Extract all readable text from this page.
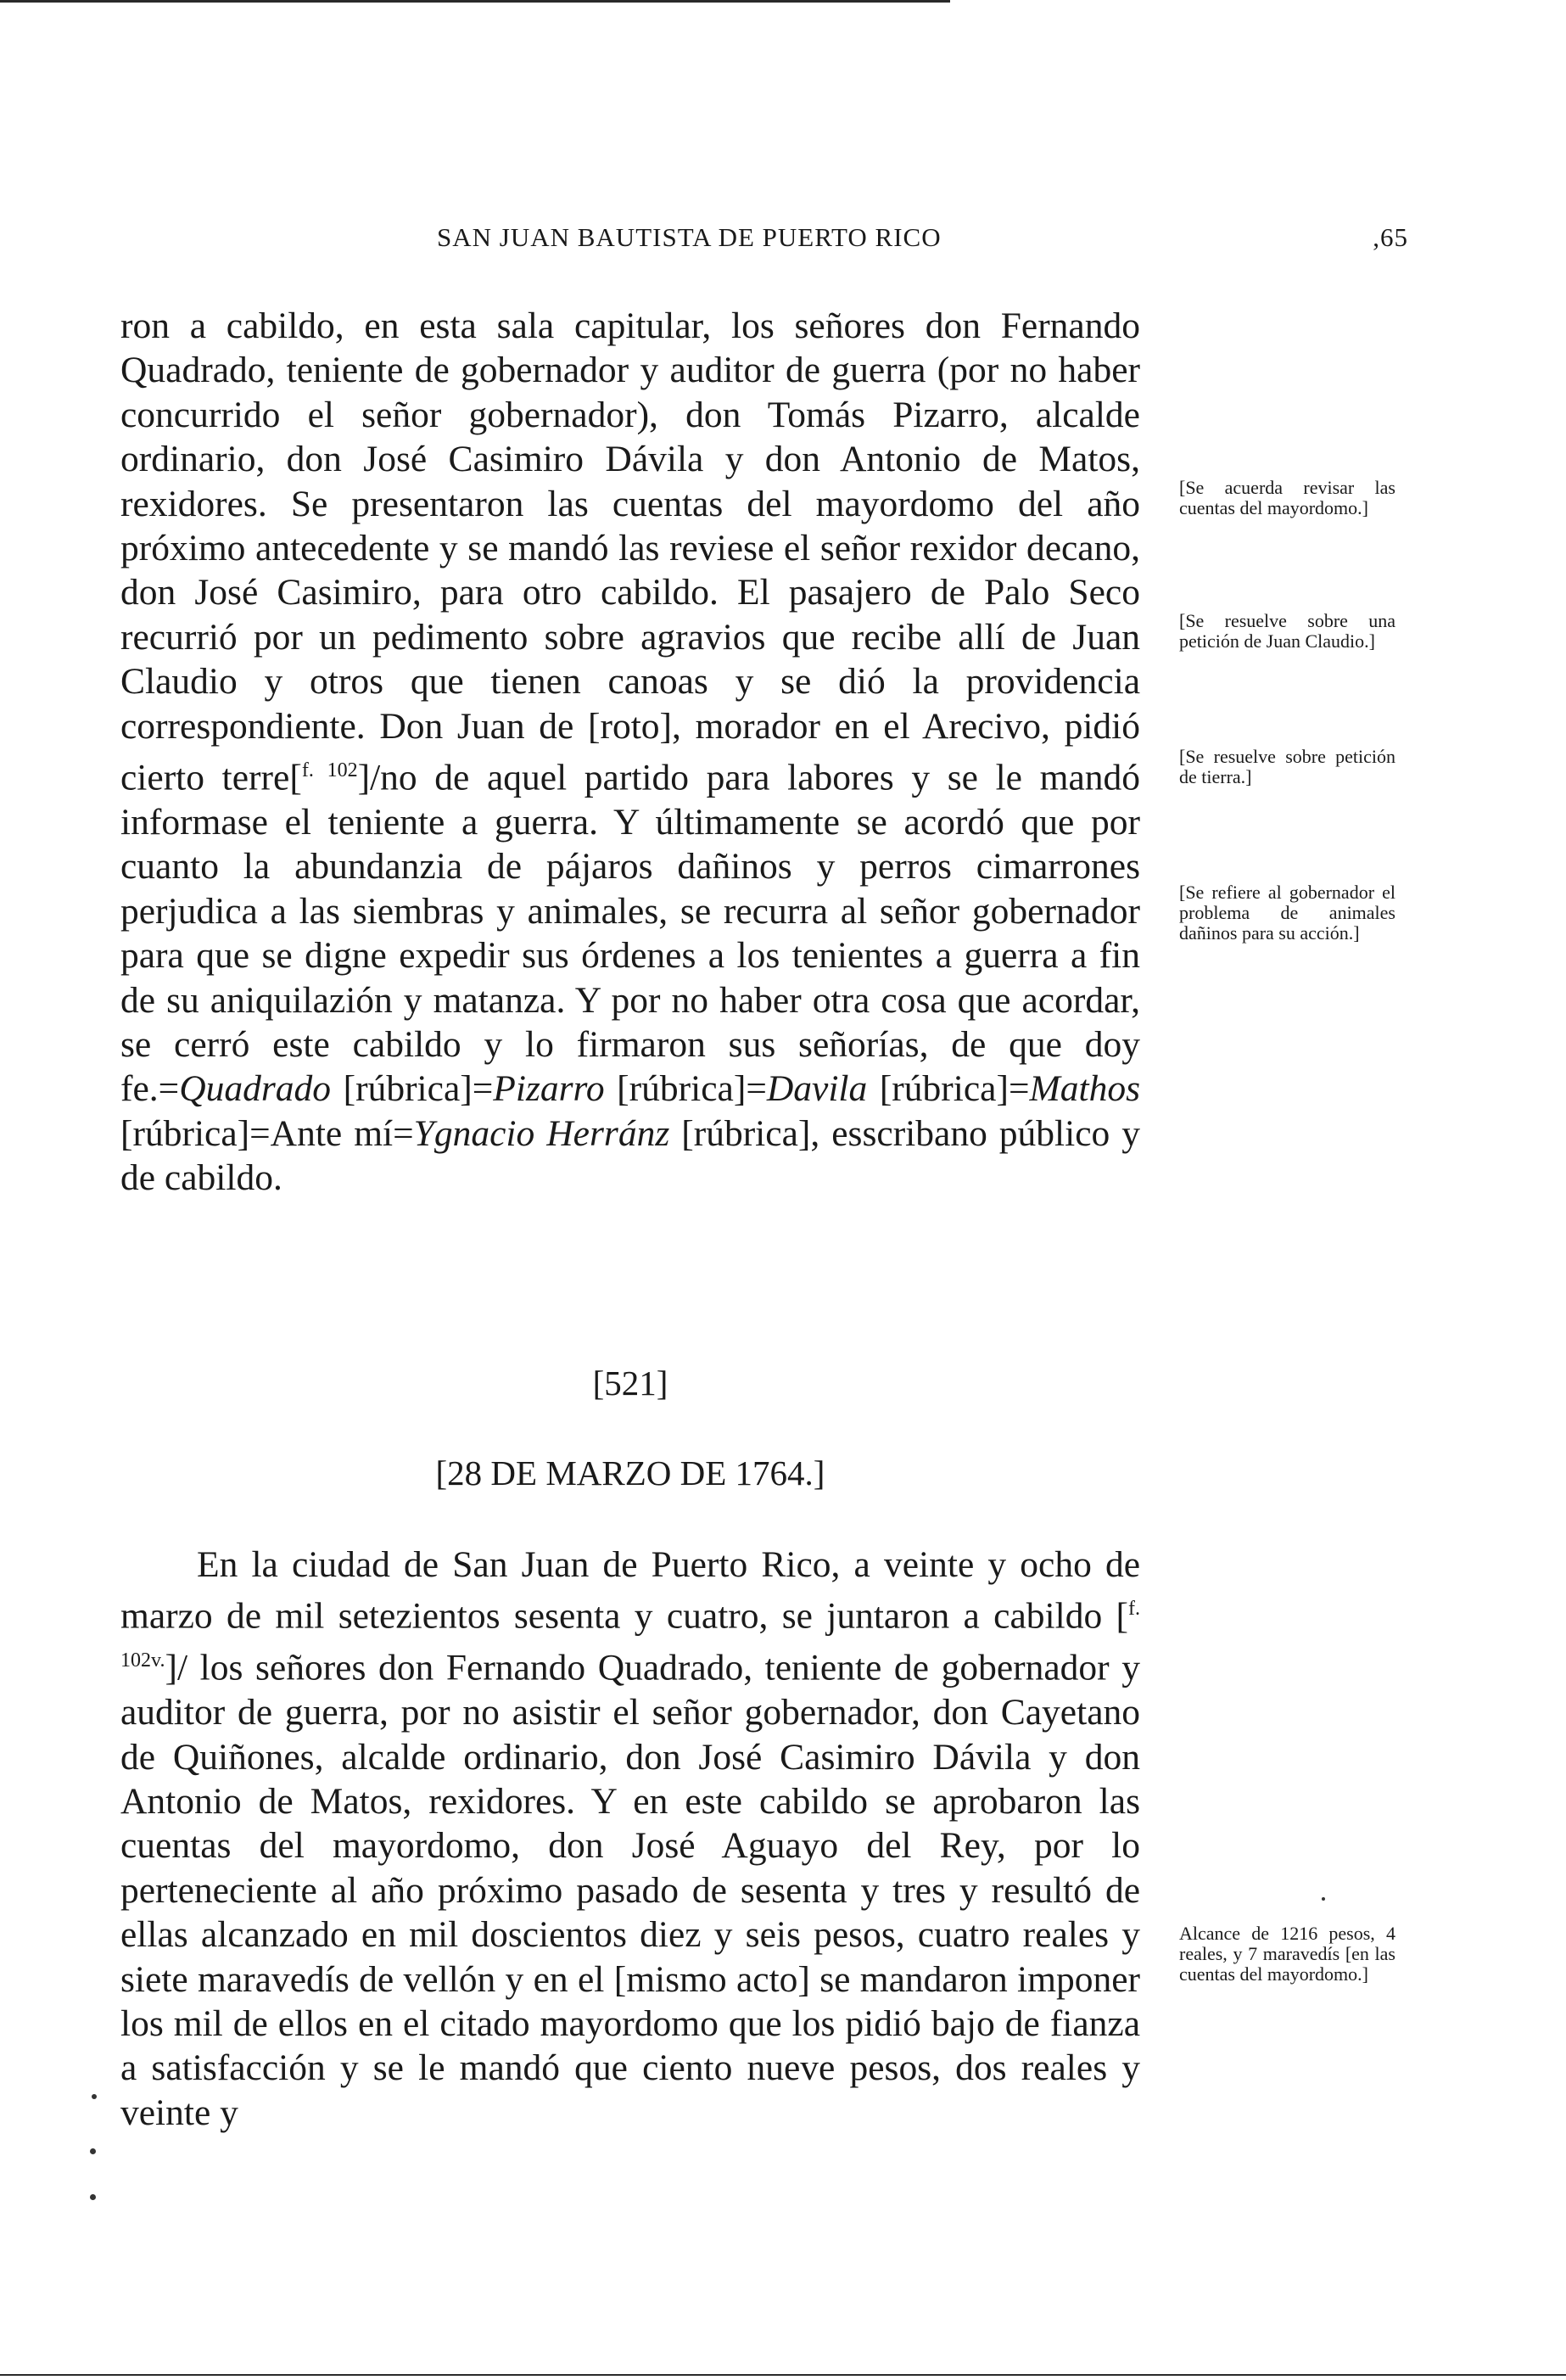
SAN JUAN BAUTISTA DE PUERTO RICO	,65

ron a cabildo, en esta sala capitular, los señores don Fernando Quadrado, teniente de gobernador y auditor de guerra (por no haber concurrido el señor gobernador), don Tomás Pizarro, alcalde ordinario, don José Casimiro Dávila y don Antonio de Matos, rexidores. Se presentaron las cuentas del mayordomo del año próximo antecedente y se mandó las reviese el señor rexidor decano, don José Casimiro, para otro cabildo. El pasajero de Palo Seco recurrió por un pedimento sobre agravios que recibe allí de Juan Claudio y otros que tienen canoas y se dió la providencia correspondiente. Don Juan de [roto], morador en el Arecivo, pidió cierto terre[$^{f. 102}$]/no de aquel partido para labores y se le mandó informase el teniente a guerra. Y últimamente se acordó que por cuanto la abundanzia de pájaros dañinos y perros cimarrones perjudica a las siembras y animales, se recurra al señor gobernador para que se digne expedir sus órdenes a los tenientes a guerra a fin de su aniquilazión y matanza. Y por no haber otra cosa que acordar, se cerró este cabildo y lo firmaron sus señorías, de que doy fe.=Quadrado [rúbrica]=Pizarro [rúbrica]=Davila [rúbrica]=Mathos [rúbrica]=Ante mí=Ygnacio Herránz [rúbrica], esscribano público y de cabildo.

[521]
[28 DE MARZO DE 1764.]

En la ciudad de San Juan de Puerto Rico, a veinte y ocho de marzo de mil setezientos sesenta y cuatro, se juntaron a cabildo [$^{f. 102v.}$]/ los señores don Fernando Quadrado, teniente de gobernador y auditor de guerra, por no asistir el señor gobernador, don Cayetano de Quiñones, alcalde ordinario, don José Casimiro Dávila y don Antonio de Matos, rexidores. Y en este cabildo se aprobaron las cuentas del mayordomo, don José Aguayo del Rey, por lo perteneciente al año próximo pasado de sesenta y tres y resultó de ellas alcanzado en mil doscientos diez y seis pesos, cuatro reales y siete maravedís de vellón y en el [mismo acto] se mandaron imponer los mil de ellos en el citado mayordomo que los pidió bajo de fianza a satisfacción y se le mandó que ciento nueve pesos, dos reales y veinte y

[Se acuerda revisar las cuentas del mayordomo.]
[Se resuelve sobre una petición de Juan Claudio.]
[Se resuelve sobre petición de tierra.]
[Se refiere al gobernador el problema de animales dañinos para su acción.]
Alcance de 1216 pesos, 4 reales, y 7 maravedís [en las cuentas del mayordomo.]
